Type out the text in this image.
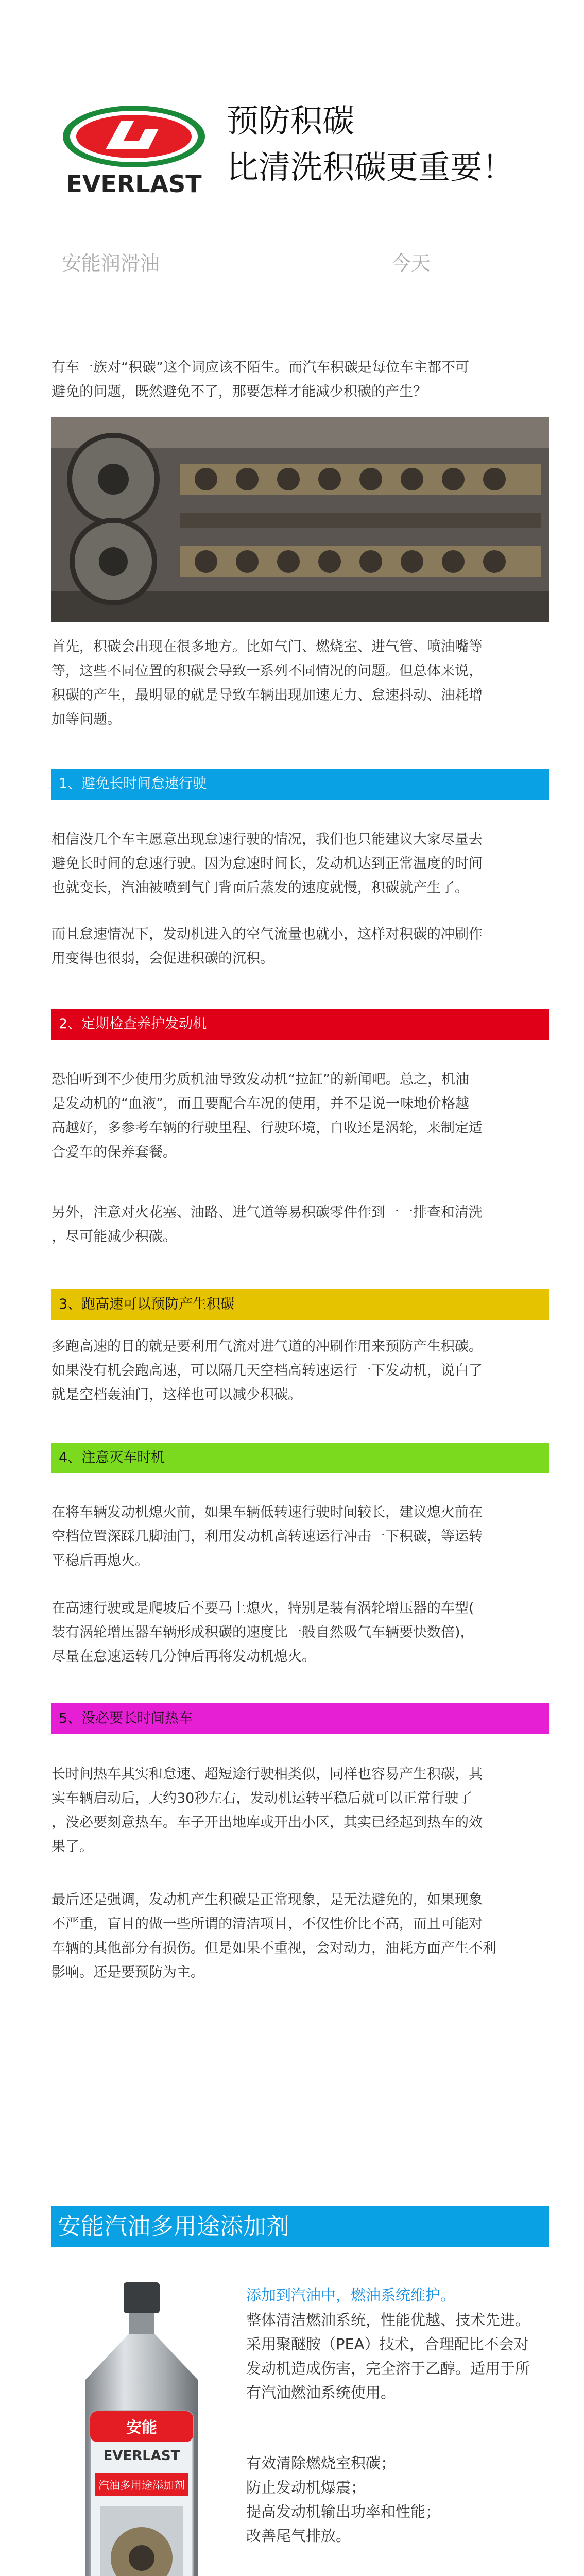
EVERLAST
预防积碳
比清洗积碳更重要！
安能润滑油	今天

有车一族对“积碳”这个词应该不陌生。而汽车积碳是每位车主都不可
避免的问题，既然避免不了，那要怎样才能减少积碳的产生？

首先，积碳会出现在很多地方。比如气门、燃烧室、进气管、喷油嘴等
等，这些不同位置的积碳会导致一系列不同情况的问题。但总体来说，
积碳的产生，最明显的就是导致车辆出现加速无力、怠速抖动、油耗增
加等问题。

1、避免长时间怠速行驶

相信没几个车主愿意出现怠速行驶的情况，我们也只能建议大家尽量去
避免长时间的怠速行驶。因为怠速时间长，发动机达到正常温度的时间
也就变长，汽油被喷到气门背面后蒸发的速度就慢，积碳就产生了。

而且怠速情况下，发动机进入的空气流量也就小，这样对积碳的冲刷作
用变得也很弱，会促进积碳的沉积。

2、定期检查养护发动机

恐怕听到不少使用劣质机油导致发动机“拉缸”的新闻吧。总之，机油
是发动机的“血液”，而且要配合车况的使用，并不是说一味地价格越
高越好，多参考车辆的行驶里程、行驶环境，自收还是涡轮，来制定适
合爱车的保养套餐。

另外，注意对火花塞、油路、进气道等易积碳零件作到一一排查和清洗
，尽可能减少积碳。

3、跑高速可以预防产生积碳

多跑高速的目的就是要利用气流对进气道的冲刷作用来预防产生积碳。
如果没有机会跑高速，可以隔几天空档高转速运行一下发动机，说白了
就是空档轰油门，这样也可以减少积碳。

4、注意灭车时机

在将车辆发动机熄火前，如果车辆低转速行驶时间较长，建议熄火前在
空档位置深踩几脚油门，利用发动机高转速运行冲击一下积碳，等运转
平稳后再熄火。

在高速行驶或是爬坡后不要马上熄火，特别是装有涡轮增压器的车型(
装有涡轮增压器车辆形成积碳的速度比一般自然吸气车辆要快数倍)，
尽量在怠速运转几分钟后再将发动机熄火。

5、没必要长时间热车

长时间热车其实和怠速、超短途行驶相类似，同样也容易产生积碳，其
实车辆启动后，大约30秒左右，发动机运转平稳后就可以正常行驶了
，没必要刻意热车。车子开出地库或开出小区，其实已经起到热车的效
果了。

最后还是强调，发动机产生积碳是正常现象，是无法避免的，如果现象
不严重，盲目的做一些所谓的清洁项目，不仅性价比不高，而且可能对
车辆的其他部分有损伤。但是如果不重视，会对动力，油耗方面产生不利
影响。还是要预防为主。

安能汽油多用途添加剂
安能
EVERLAST
汽油多用途添加剂

添加到汽油中，燃油系统维护。

整体清洁燃油系统，性能优越、技术先进。
采用聚醚胺（PEA）技术，合理配比不会对
发动机造成伤害，完全溶于乙醇。适用于所
有汽油燃油系统使用。

有效清除燃烧室积碳；
防止发动机爆震；
提高发动机输出功率和性能；
改善尾气排放。
